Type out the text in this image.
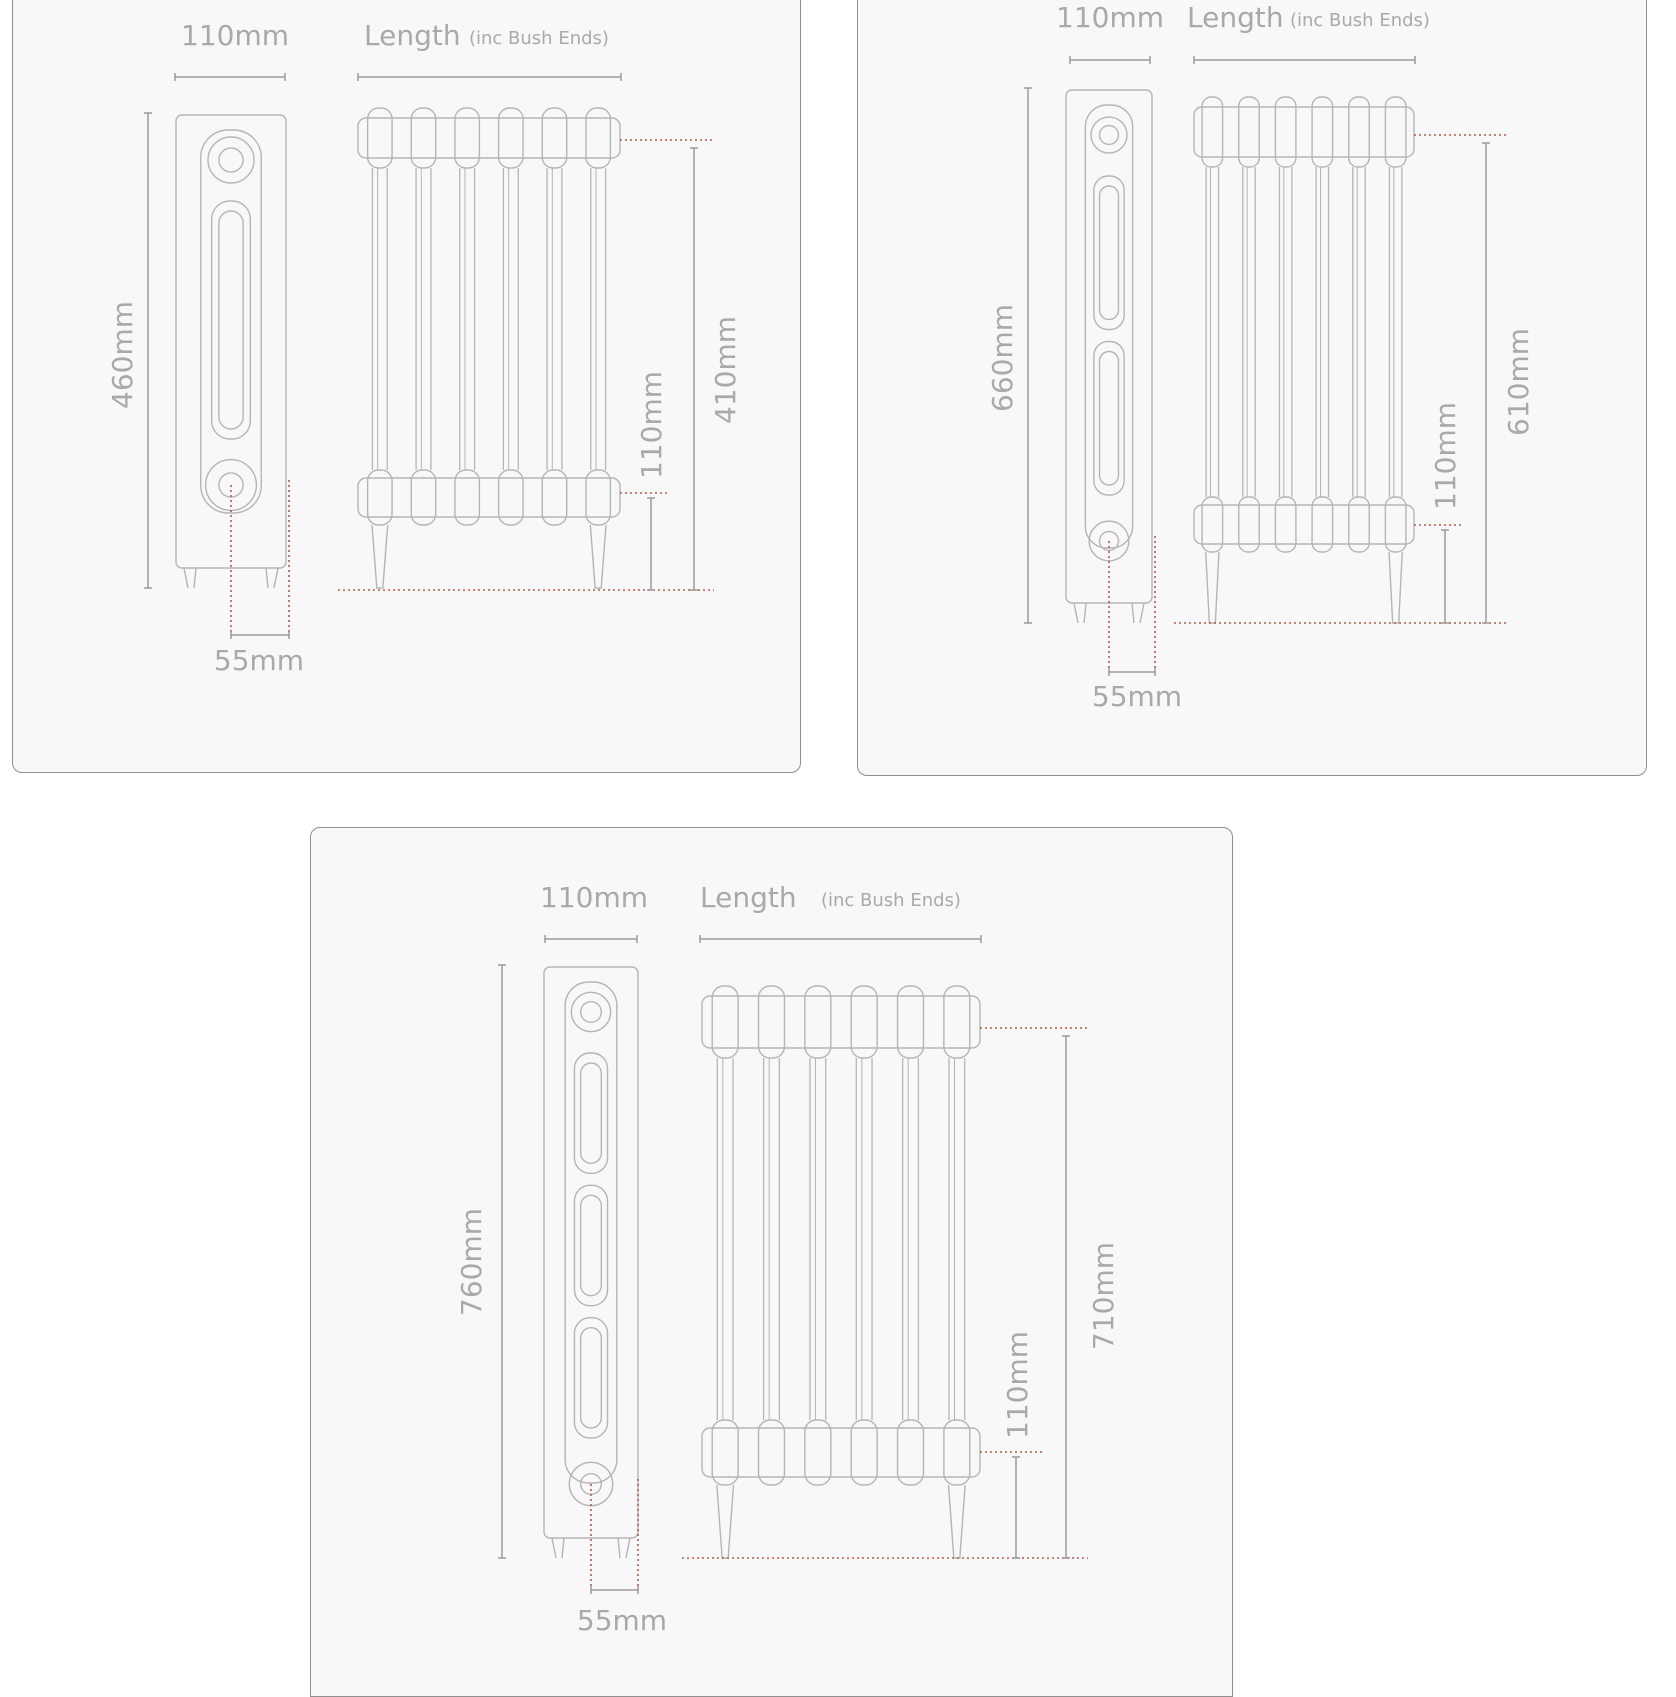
110mm	Length (inc Bush Ends)
460mm	410mm
110mm
55mm
110mm Length (inc Bush Ends)
660mm	610mm
110mm
55mm
110mm Length (inc Bush Ends)
760mm	710mm
110mm
55mm
